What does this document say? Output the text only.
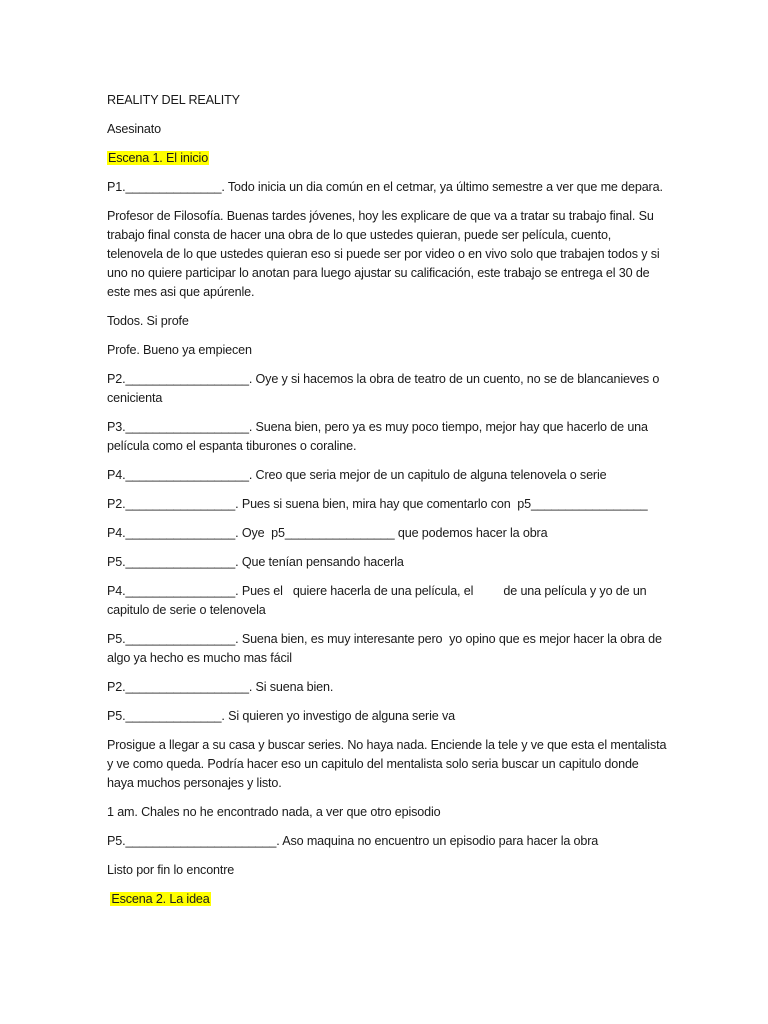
REALITY DEL REALITY

Asesinato

Escena 1. El inicio

P1.______________. Todo inicia un dia común en el cetmar, ya último semestre a ver que me depara.

Profesor de Filosofía. Buenas tardes jóvenes, hoy les explicare de que va a tratar su trabajo final. Su trabajo final consta de hacer una obra de lo que ustedes quieran, puede ser película, cuento, telenovela de lo que ustedes quieran eso si puede ser por video o en vivo solo que trabajen todos y si uno no quiere participar lo anotan para luego ajustar su calificación, este trabajo se entrega el 30 de este mes asi que apúrenle.

Todos. Si profe

Profe. Bueno ya empiecen

P2.__________________. Oye y si hacemos la obra de teatro de un cuento, no se de blancanieves o cenicienta

P3.__________________. Suena bien, pero ya es muy poco tiempo, mejor hay que hacerlo de una película como el espanta tiburones o coraline.

P4.__________________. Creo que seria mejor de un capitulo de alguna telenovela o serie

P2.________________. Pues si suena bien, mira hay que comentarlo con  p5_________________

P4.________________. Oye  p5________________ que podemos hacer la obra

P5.________________. Que tenían pensando hacerla

P4.________________. Pues el   quiere hacerla de una película, el         de una película y yo de un capitulo de serie o telenovela

P5.________________. Suena bien, es muy interesante pero  yo opino que es mejor hacer la obra de algo ya hecho es mucho mas fácil

P2.__________________. Si suena bien.

P5.______________. Si quieren yo investigo de alguna serie va

Prosigue a llegar a su casa y buscar series. No haya nada. Enciende la tele y ve que esta el mentalista y ve como queda. Podría hacer eso un capitulo del mentalista solo seria buscar un capitulo donde haya muchos personajes y listo.

1 am. Chales no he encontrado nada, a ver que otro episodio

P5.______________________. Aso maquina no encuentro un episodio para hacer la obra

Listo por fin lo encontre

Escena 2. La idea
